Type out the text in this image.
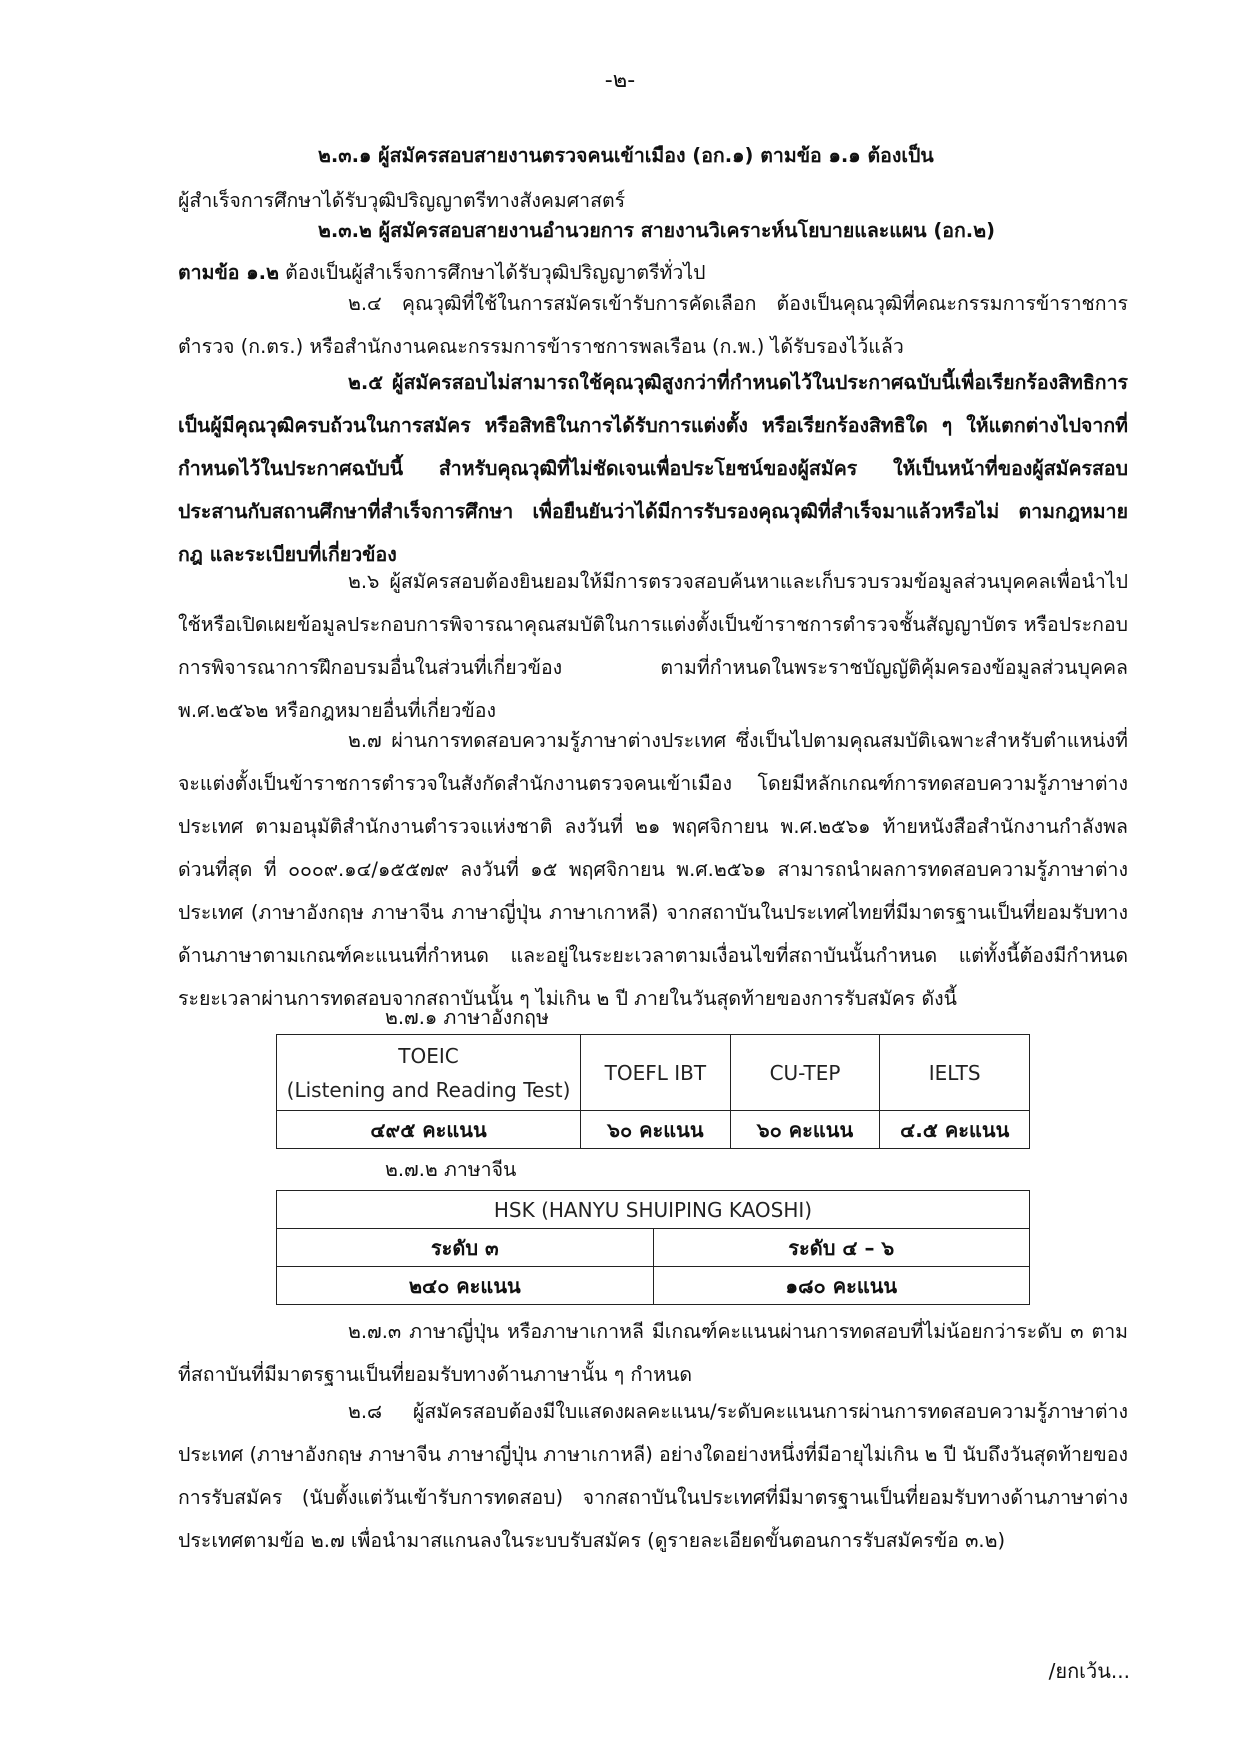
-๒-

๒.๓.๑ ผู้สมัครสอบสายงานตรวจคนเข้าเมือง (อก.๑) ตามข้อ ๑.๑ ต้องเป็น

ผู้สำเร็จการศึกษาได้รับวุฒิปริญญาตรีทางสังคมศาสตร์

๒.๓.๒ ผู้สมัครสอบสายงานอำนวยการ สายงานวิเคราะห์นโยบายและแผน (อก.๒)

ตามข้อ ๑.๒ ต้องเป็นผู้สำเร็จการศึกษาได้รับวุฒิปริญญาตรีทั่วไป

๒.๔ คุณวุฒิที่ใช้ในการสมัครเข้ารับการคัดเลือก ต้องเป็นคุณวุฒิที่คณะกรรมการข้าราชการตำรวจ (ก.ตร.) หรือสำนักงานคณะกรรมการข้าราชการพลเรือน (ก.พ.) ได้รับรองไว้แล้ว

๒.๕ ผู้สมัครสอบไม่สามารถใช้คุณวุฒิสูงกว่าที่กำหนดไว้ในประกาศฉบับนี้เพื่อเรียกร้องสิทธิการเป็นผู้มีคุณวุฒิครบถ้วนในการสมัคร หรือสิทธิในการได้รับการแต่งตั้ง หรือเรียกร้องสิทธิใด ๆ ให้แตกต่างไปจากที่กำหนดไว้ในประกาศฉบับนี้ สำหรับคุณวุฒิที่ไม่ชัดเจนเพื่อประโยชน์ของผู้สมัคร ให้เป็นหน้าที่ของผู้สมัครสอบประสานกับสถานศึกษาที่สำเร็จการศึกษา เพื่อยืนยันว่าได้มีการรับรองคุณวุฒิที่สำเร็จมาแล้วหรือไม่ ตามกฎหมาย กฎ และระเบียบที่เกี่ยวข้อง

๒.๖ ผู้สมัครสอบต้องยินยอมให้มีการตรวจสอบค้นหาและเก็บรวบรวมข้อมูลส่วนบุคคลเพื่อนำไปใช้หรือเปิดเผยข้อมูลประกอบการพิจารณาคุณสมบัติในการแต่งตั้งเป็นข้าราชการตำรวจชั้นสัญญาบัตร หรือประกอบการพิจารณาการฝึกอบรมอื่นในส่วนที่เกี่ยวข้อง ตามที่กำหนดในพระราชบัญญัติคุ้มครองข้อมูลส่วนบุคคล พ.ศ.๒๕๖๒ หรือกฎหมายอื่นที่เกี่ยวข้อง

๒.๗ ผ่านการทดสอบความรู้ภาษาต่างประเทศ ซึ่งเป็นไปตามคุณสมบัติเฉพาะสำหรับตำแหน่งที่จะแต่งตั้งเป็นข้าราชการตำรวจในสังกัดสำนักงานตรวจคนเข้าเมือง โดยมีหลักเกณฑ์การทดสอบความรู้ภาษาต่างประเทศ ตามอนุมัติสำนักงานตำรวจแห่งชาติ ลงวันที่ ๒๑ พฤศจิกายน พ.ศ.๒๕๖๑ ท้ายหนังสือสำนักงานกำลังพล ด่วนที่สุด ที่ ๐๐๐๙.๑๔/๑๕๕๗๙ ลงวันที่ ๑๕ พฤศจิกายน พ.ศ.๒๕๖๑ สามารถนำผลการทดสอบความรู้ภาษาต่างประเทศ (ภาษาอังกฤษ ภาษาจีน ภาษาญี่ปุ่น ภาษาเกาหลี) จากสถาบันในประเทศไทยที่มีมาตรฐานเป็นที่ยอมรับทางด้านภาษาตามเกณฑ์คะแนนที่กำหนด และอยู่ในระยะเวลาตามเงื่อนไขที่สถาบันนั้นกำหนด แต่ทั้งนี้ต้องมีกำหนดระยะเวลาผ่านการทดสอบจากสถาบันนั้น ๆ ไม่เกิน ๒ ปี ภายในวันสุดท้ายของการรับสมัคร ดังนี้

๒.๗.๑ ภาษาอังกฤษ
TOEIC
(Listening and Reading Test)	TOEFL IBT	CU-TEP	IELTS
๔๙๕ คะแนน	๖๐ คะแนน	๖๐ คะแนน	๔.๕ คะแนน
๒.๗.๒ ภาษาจีน
HSK (HANYU SHUIPING KAOSHI)	
ระดับ ๓	ระดับ ๔ – ๖
๒๔๐ คะแนน	๑๘๐ คะแนน

๒.๗.๓ ภาษาญี่ปุ่น หรือภาษาเกาหลี มีเกณฑ์คะแนนผ่านการทดสอบที่ไม่น้อยกว่าระดับ ๓ ตามที่สถาบันที่มีมาตรฐานเป็นที่ยอมรับทางด้านภาษานั้น ๆ กำหนด

๒.๘ ผู้สมัครสอบต้องมีใบแสดงผลคะแนน/ระดับคะแนนการผ่านการทดสอบความรู้ภาษาต่างประเทศ (ภาษาอังกฤษ ภาษาจีน ภาษาญี่ปุ่น ภาษาเกาหลี) อย่างใดอย่างหนึ่งที่มีอายุไม่เกิน ๒ ปี นับถึงวันสุดท้ายของการรับสมัคร (นับตั้งแต่วันเข้ารับการทดสอบ) จากสถาบันในประเทศที่มีมาตรฐานเป็นที่ยอมรับทางด้านภาษาต่างประเทศตามข้อ ๒.๗ เพื่อนำมาสแกนลงในระบบรับสมัคร (ดูรายละเอียดขั้นตอนการรับสมัครข้อ ๓.๒)

/ยกเว้น...
